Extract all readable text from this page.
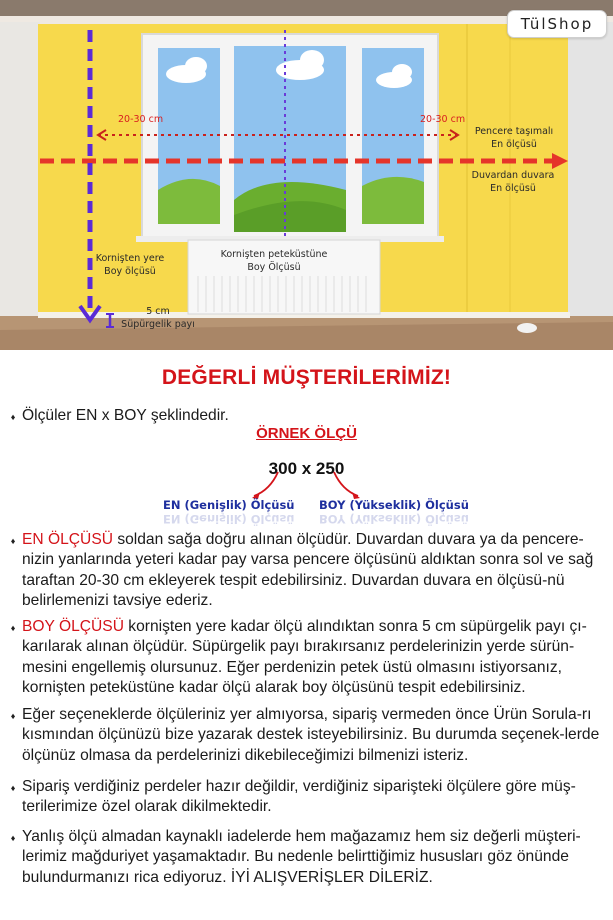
TülShop
20-30 cm	20-30 cm
Pencere taşımalı
En ölçüsü
Duvardan duvara
En ölçüsü
Kornişten yere
Boy ölçüsü
Kornişten peteküstüne
Boy Ölçüsü
5 cm
Süpürgelik payı
DEĞERLİ MÜŞTERİLERİMİZ!
♦ Ölçüler EN x BOY şeklindedir.
ÖRNEK ÖLÇÜ
300 x 250
EN (Genişlik) Ölçüsü
EN (Genişlik) Ölçüsü
BOY (Yükseklik) Ölçüsü
BOY (Yükseklik) Ölçüsü
♦ EN ÖLÇÜSÜ soldan sağa doğru alınan ölçüdür. Duvardan duvara ya da pencere-nizin yanlarında yeteri kadar pay varsa pencere ölçüsünü aldıktan sonra sol ve sağ taraftan 20-30 cm ekleyerek tespit edebilirsiniz. Duvardan duvara en ölçüsü-nü belirlemenizi tavsiye ederiz.
♦ BOY ÖLÇÜSÜ kornişten yere kadar ölçü alındıktan sonra 5 cm süpürgelik payı çı-karılarak alınan ölçüdür. Süpürgelik payı bırakırsanız perdelerinizin yerde sürün-mesini engellemiş olursunuz. Eğer perdenizin petek üstü olmasını istiyorsanız, kornişten peteküstüne kadar ölçü alarak boy ölçüsünü tespit edebilirsiniz.
♦ Eğer seçeneklerde ölçüleriniz yer almıyorsa, sipariş vermeden önce Ürün Sorula-rı kısmından ölçünüzü bize yazarak destek isteyebilirsiniz. Bu durumda seçenek-lerde ölçünüz olmasa da perdelerinizi dikebileceğimizi bilmenizi isteriz.
♦ Sipariş verdiğiniz perdeler hazır değildir, verdiğiniz siparişteki ölçülere göre müş-terilerimize özel olarak dikilmektedir.
♦ Yanlış ölçü almadan kaynaklı iadelerde hem mağazamız hem siz değerli müşteri-lerimiz mağduriyet yaşamaktadır. Bu nedenle belirttiğimiz hususları göz önünde bulundurmanızı rica ediyoruz. İYİ ALIŞVERİŞLER DİLERİZ.
